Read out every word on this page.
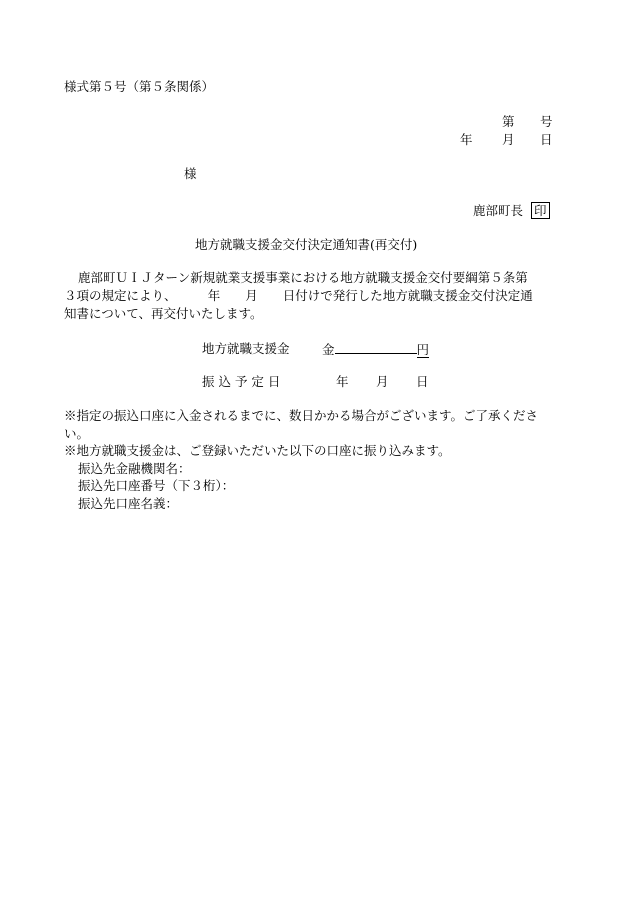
様式第５号（第５条関係）
第 号
年 月 日
様
鹿部町長 印
地方就職支援金交付決定通知書(再交付)
鹿部町ＵＩＪターン新規就業支援事業における地方就職支援金交付要綱第５条第
３項の規定により、　　　年　　月　　日付けで発行した地方就職支援金交付決定通
知書について、再交付いたします。
地方就職支援金	金	円
振 込 予 定 日	年 月 日
※指定の振込口座に入金されるまでに、数日かかる場合がございます。ご了承くださ
い。
※地方就職支援金は、ご登録いただいた以下の口座に振り込みます。
振込先金融機関名：
振込先口座番号（下３桁）：
振込先口座名義：
